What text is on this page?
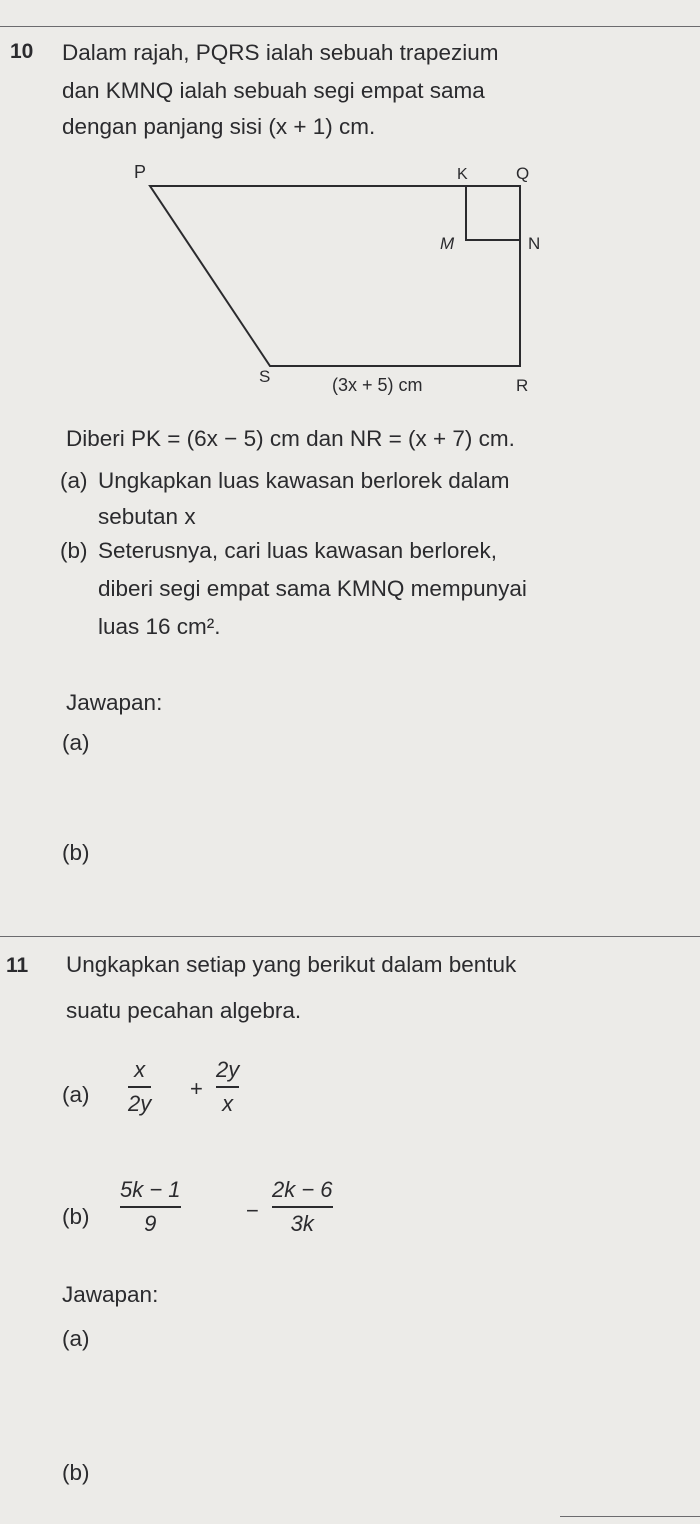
10 Dalam rajah, PQRS ialah sebuah trapezium
dan KMNQ ialah sebuah segi empat sama
dengan panjang sisi (x + 1) cm.
P	K	Q
M	N
S	R
(3x + 5) cm
Diberi PK = (6x − 5) cm dan NR = (x + 7) cm.
(a) Ungkapkan luas kawasan berlorek dalam
sebutan x
(b) Seterusnya, cari luas kawasan berlorek,
diberi segi empat sama KMNQ mempunyai
luas 16 cm².
Jawapan:
(a)
(b)
11 Ungkapkan setiap yang berikut dalam bentuk
suatu pecahan algebra.
(a)
x
2y
+
2y
x
(b)
5k − 1
9
−
2k − 6
3k
Jawapan:
(a)
(b)
